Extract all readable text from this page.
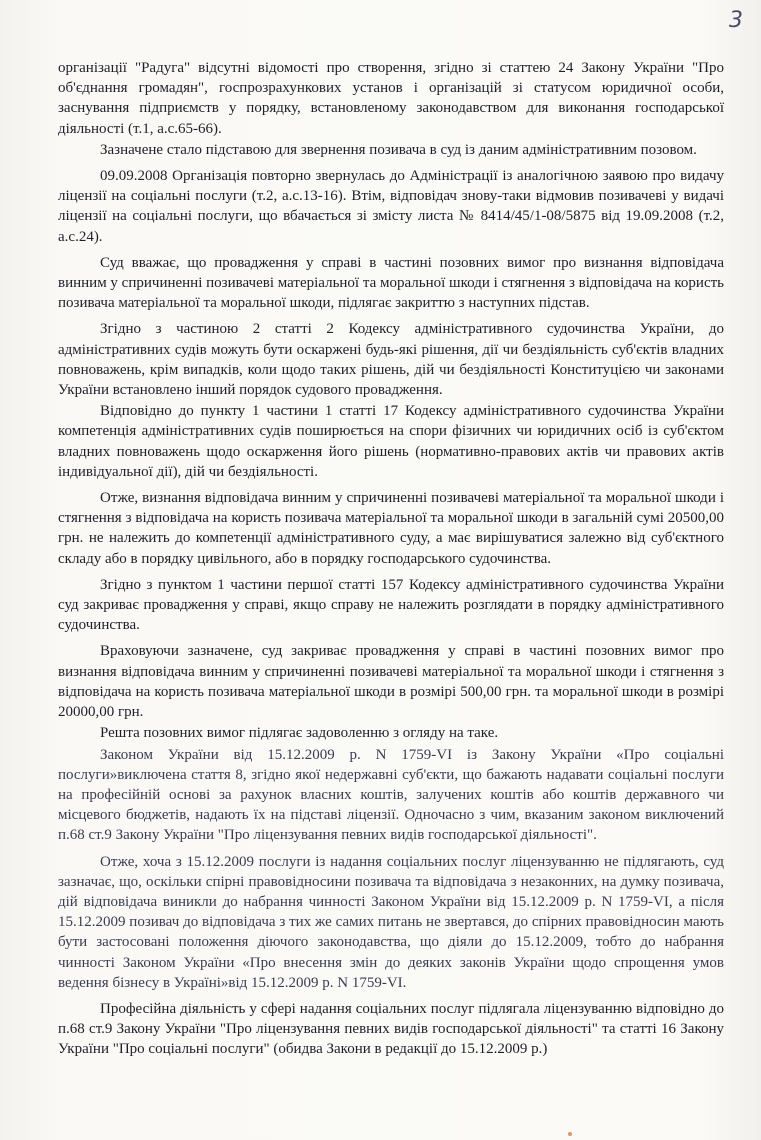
3

організації "Радуга" відсутні відомості про створення, згідно зі статтею 24 Закону України "Про об'єднання громадян", госпрозрахункових установ і організацій зі статусом юридичної особи, заснування підприємств у порядку, встановленому законодавством для виконання господарської діяльності (т.1, а.с.65-66).

Зазначене стало підставою для звернення позивача в суд із даним адміністративним позовом.

09.09.2008 Організація повторно звернулась до Адміністрації із аналогічною заявою про видачу ліцензії на соціальні послуги (т.2, а.с.13-16). Втім, відповідач знову-таки відмовив позивачеві у видачі ліцензії на соціальні послуги, що вбачається зі змісту листа № 8414/45/1-08/5875 від 19.09.2008 (т.2, а.с.24).

Суд вважає, що провадження у справі в частині позовних вимог про визнання відповідача винним у спричиненні позивачеві матеріальної та моральної шкоди і стягнення з відповідача на користь позивача матеріальної та моральної шкоди, підлягає закриттю з наступних підстав.

Згідно з частиною 2 статті 2 Кодексу адміністративного судочинства України, до адміністративних судів можуть бути оскаржені будь-які рішення, дії чи бездіяльність суб'єктів владних повноважень, крім випадків, коли щодо таких рішень, дій чи бездіяльності Конституцією чи законами України встановлено інший порядок судового провадження.

Відповідно до пункту 1 частини 1 статті 17 Кодексу адміністративного судочинства України компетенція адміністративних судів поширюється на спори фізичних чи юридичних осіб із суб'єктом владних повноважень щодо оскарження його рішень (нормативно-правових актів чи правових актів індивідуальної дії), дій чи бездіяльності.

Отже, визнання відповідача винним у спричиненні позивачеві матеріальної та моральної шкоди і стягнення з відповідача на користь позивача матеріальної та моральної шкоди в загальній сумі 20500,00 грн. не належить до компетенції адміністративного суду, а має вирішуватися залежно від суб'єктного складу або в порядку цивільного, або в порядку господарського судочинства.

Згідно з пунктом 1 частини першої статті 157 Кодексу адміністративного судочинства України суд закриває провадження у справі, якщо справу не належить розглядати в порядку адміністративного судочинства.

Враховуючи зазначене, суд закриває провадження у справі в частині позовних вимог про визнання відповідача винним у спричиненні позивачеві матеріальної та моральної шкоди і стягнення з відповідача на користь позивача матеріальної шкоди в розмірі 500,00 грн. та моральної шкоди в розмірі 20000,00 грн.

Решта позовних вимог підлягає задоволенню з огляду на таке.

Законом України від 15.12.2009 р. N 1759-VI із Закону України «Про соціальні послуги»виключена стаття 8, згідно якої недержавні суб'єкти, що бажають надавати соціальні послуги на професійній основі за рахунок власних коштів, залучених коштів або коштів державного чи місцевого бюджетів, надають їх на підставі ліцензії. Одночасно з чим, вказаним законом виключений п.68 ст.9 Закону України "Про ліцензування певних видів господарської діяльності".

Отже, хоча з 15.12.2009 послуги із надання соціальних послуг ліцензуванню не підлягають, суд зазначає, що, оскільки спірні правовідносини позивача та відповідача з незаконних, на думку позивача, дій відповідача виникли до набрання чинності Законом України від 15.12.2009 р. N 1759-VI, а після 15.12.2009 позивач до відповідача з тих же самих питань не звертався, до спірних правовідносин мають бути застосовані положення діючого законодавства, що діяли до 15.12.2009, тобто до набрання чинності Законом України «Про внесення змін до деяких законів України щодо спрощення умов ведення бізнесу в Україні»від 15.12.2009 р. N 1759-VI.

Професійна діяльність у сфері надання соціальних послуг підлягала ліцензуванню відповідно до п.68 ст.9 Закону України "Про ліцензування певних видів господарської діяльності" та статті 16 Закону України "Про соціальні послуги" (обидва Закони в редакції до 15.12.2009 р.)
